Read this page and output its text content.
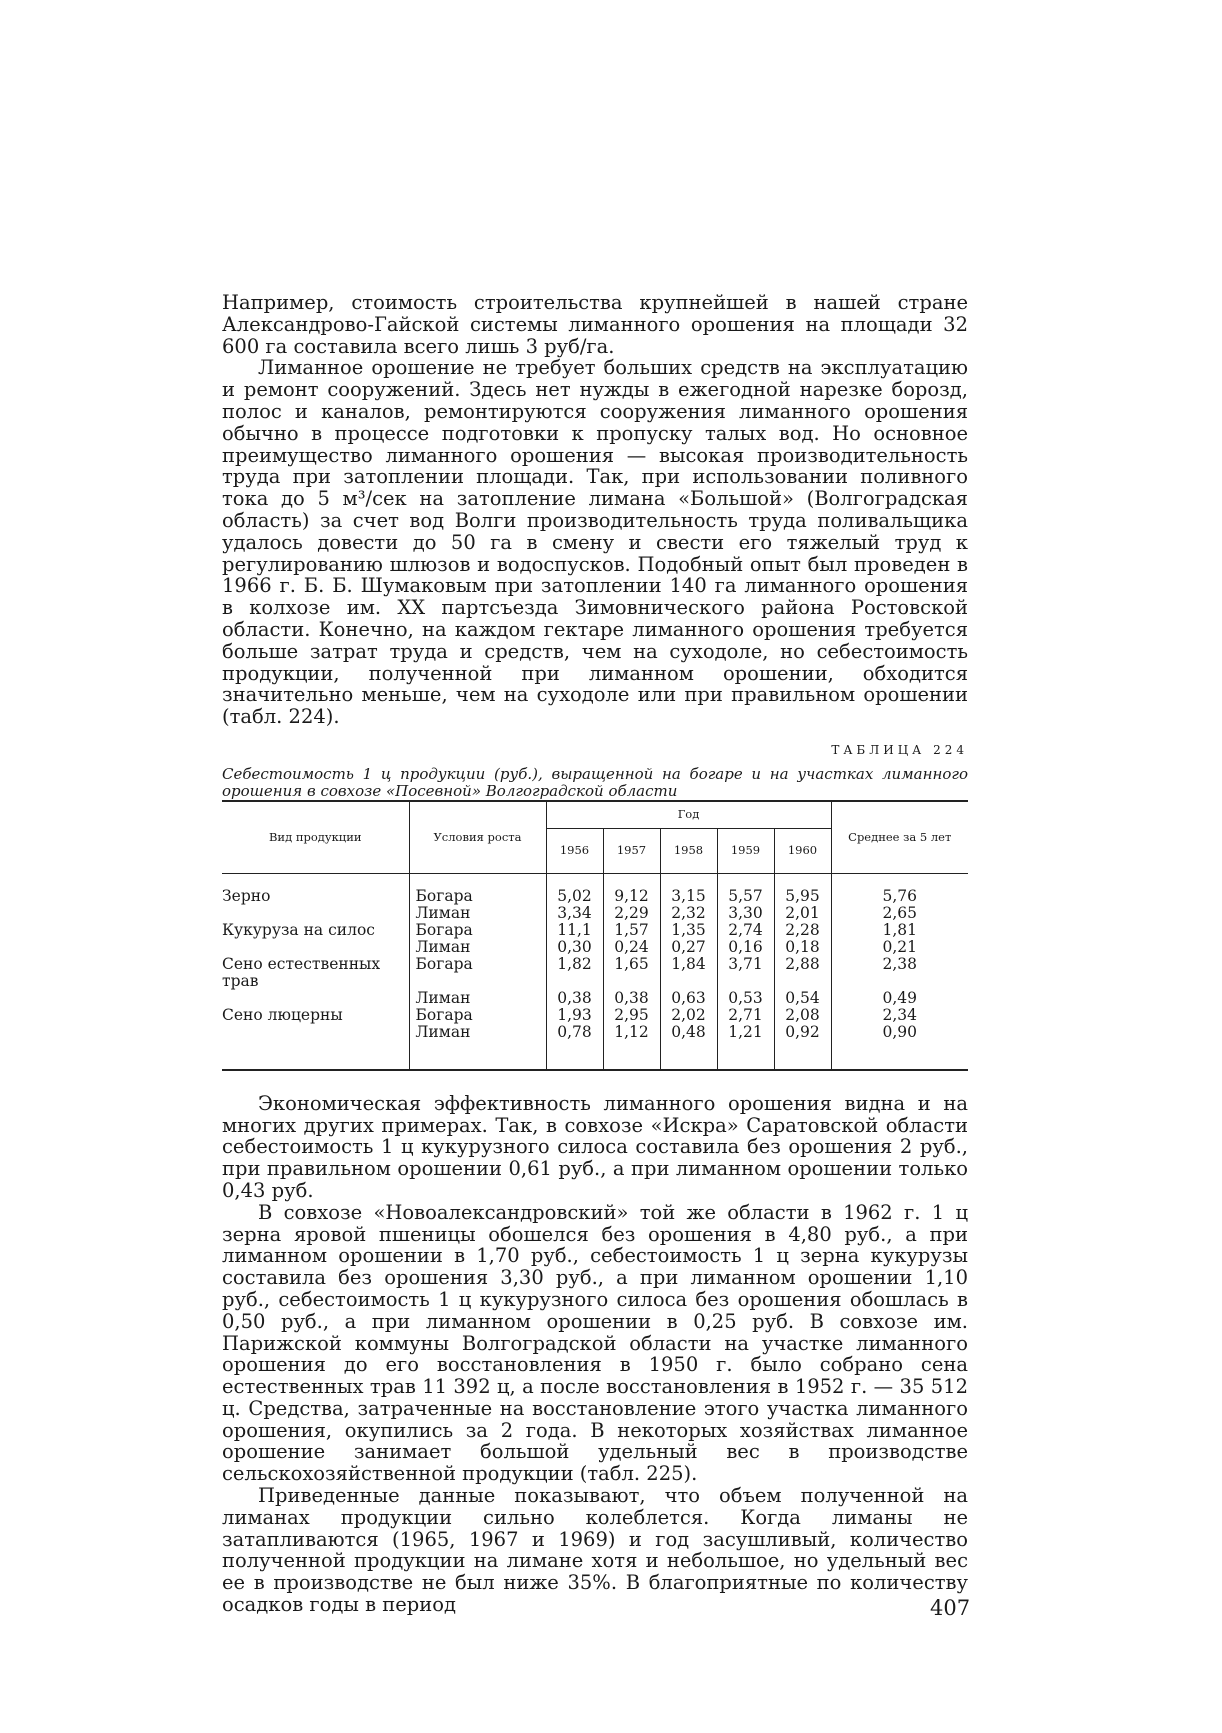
Например, стоимость строительства крупнейшей в нашей стране Александрово-Гайской системы лиманного орошения на площади 32 600 га составила всего лишь 3 руб/га.

Лиманное орошение не требует больших средств на эксплуатацию и ремонт сооружений. Здесь нет нужды в ежегодной нарезке борозд, полос и каналов, ремонтируются сооружения лиманного орошения обычно в процессе подготовки к пропуску талых вод. Но основное преимущество лиманного орошения — высокая производительность труда при затоплении площади. Так, при использовании поливного тока до 5 м³/сек на затопление лимана «Большой» (Волгоградская область) за счет вод Волги производительность труда поливальщика удалось довести до 50 га в смену и свести его тяжелый труд к регулированию шлюзов и водоспусков. Подобный опыт был проведен в 1966 г. Б. Б. Шумаковым при затоплении 140 га лиманного орошения в колхозе им. XX партсъезда Зимовнического района Ростовской области. Конечно, на каждом гектаре лиманного орошения требуется больше затрат труда и средств, чем на суходоле, но себестоимость продукции, полученной при лиманном орошении, обходится значительно меньше, чем на суходоле или при правильном орошении (табл. 224).

ТАБЛИЦА 224

Себестоимость 1 ц продукции (руб.), выращенной на богаре и на участках лиманного орошения в совхозе «Посевной» Волгоградской области

Вид продукции	Условия роста	Год					Среднее за 5 лет
		1956	1957	1958	1959	1960	

Зерно	Богара	5,02	9,12	3,15	5,57	5,95	5,76
	Лиман	3,34	2,29	2,32	3,30	2,01	2,65
Кукуруза на силос	Богара	11,1	1,57	1,35	2,74	2,28	1,81
	Лиман	0,30	0,24	0,27	0,16	0,18	0,21
Сено естественных трав	Богара	1,82	1,65	1,84	3,71	2,88	2,38
	Лиман	0,38	0,38	0,63	0,53	0,54	0,49
Сено люцерны	Богара	1,93	2,95	2,02	2,71	2,08	2,34
	Лиман	0,78	1,12	0,48	1,21	0,92	0,90

Экономическая эффективность лиманного орошения видна и на многих других примерах. Так, в совхозе «Искра» Саратовской области себестоимость 1 ц кукурузного силоса составила без орошения 2 руб., при правильном орошении 0,61 руб., а при лиманном орошении только 0,43 руб.

В совхозе «Новоалександровский» той же области в 1962 г. 1 ц зерна яровой пшеницы обошелся без орошения в 4,80 руб., а при лиманном орошении в 1,70 руб., себестоимость 1 ц зерна кукурузы составила без орошения 3,30 руб., а при лиманном орошении 1,10 руб., себестоимость 1 ц кукурузного силоса без орошения обошлась в 0,50 руб., а при лиманном орошении в 0,25 руб. В совхозе им. Парижской коммуны Волгоградской области на участке лиманного орошения до его восстановления в 1950 г. было собрано сена естественных трав 11 392 ц, а после восстановления в 1952 г. — 35 512 ц. Средства, затраченные на восстановление этого участка лиманного орошения, окупились за 2 года. В некоторых хозяйствах лиманное орошение занимает большой удельный вес в производстве сельскохозяйственной продукции (табл. 225).

Приведенные данные показывают, что объем полученной на лиманах продукции сильно колеблется. Когда лиманы не затапливаются (1965, 1967 и 1969) и год засушливый, количество полученной продукции на лимане хотя и небольшое, но удельный вес ее в производстве не был ниже 35%. В благоприятные по количеству осадков годы в период	407
